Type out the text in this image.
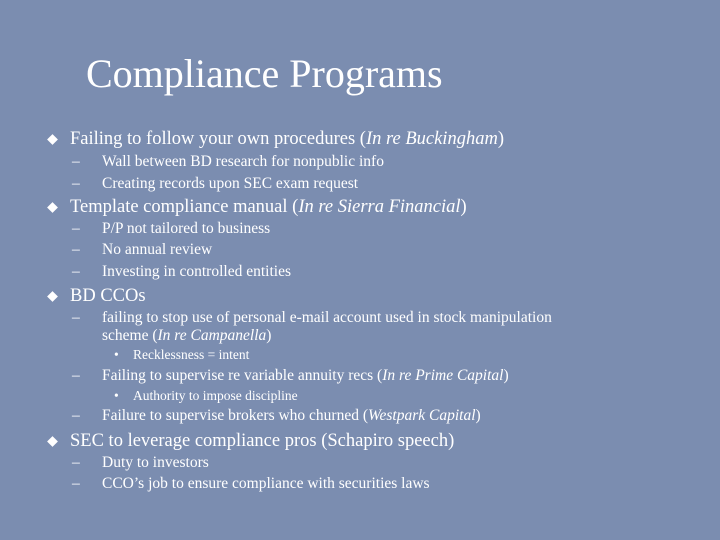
Compliance Programs
Failing to follow your own procedures (In re Buckingham)
– Wall between BD research for nonpublic info
– Creating records upon SEC exam request
Template compliance manual (In re Sierra Financial)
– P/P not tailored to business
– No annual review
– Investing in controlled entities
BD CCOs
– failing to stop use of personal e-mail account used in stock manipulation
scheme (In re Campanella)
• Recklessness = intent
– Failing to supervise re variable annuity recs (In re Prime Capital)
• Authority to impose discipline
– Failure to supervise brokers who churned (Westpark Capital)
SEC to leverage compliance pros (Schapiro speech)
– Duty to investors
– CCO’s job to ensure compliance with securities laws
